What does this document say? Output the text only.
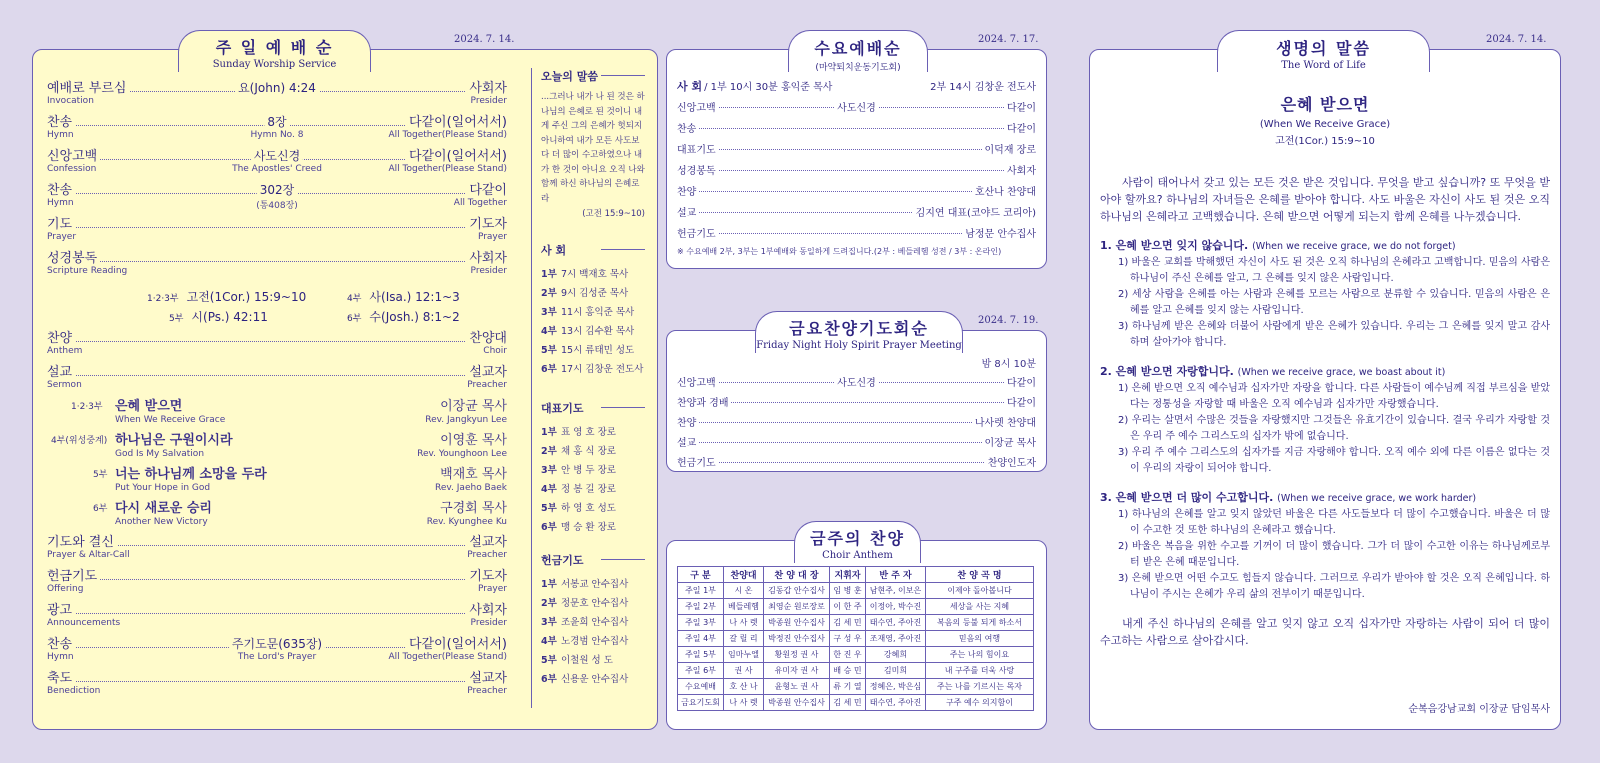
2024. 7. 14.
주 일 예 배 순
Sunday Worship Service
예배로 부르심	요(John) 4:24	사회자
Invocation	Presider
찬송	8장	다같이(일어서서)
Hymn	Hymn No. 8	All Together(Please Stand)
신앙고백	사도신경	다같이(일어서서)
Confession	The Apostles' Creed	All Together(Please Stand)
찬송	302장	다같이
Hymn	(통408장)	All Together
기도	기도자
Prayer	Prayer
성경봉독	사회자
Scripture Reading	Presider
1·2·3부 고전(1Cor.) 15:9~10	4부 사(Isa.) 12:1~3
5부 시(Ps.) 42:11	6부 수(Josh.) 8:1~2
찬양	찬양대
Anthem	Choir
설교	설교자
Sermon	Preacher
1·2·3부 은혜 받으면	이장균 목사
When We Receive Grace	Rev. Jangkyun Lee
4부(위성중계) 하나님은 구원이시라	이영훈 목사
God Is My Salvation	Rev. Younghoon Lee
5부 너는 하나님께 소망을 두라	백재호 목사
Put Your Hope in God	Rev. Jaeho Baek
6부 다시 새로운 승리	구경회 목사
Another New Victory	Rev. Kyunghee Ku
기도와 결신	설교자
Prayer & Altar-Call	Preacher
헌금기도	기도자
Offering	Prayer
광고	사회자
Announcements	Presider
찬송	주기도문(635장)	다같이(일어서서)
Hymn	The Lord's Prayer	All Together(Please Stand)
축도	설교자
Benediction	Preacher
오늘의 말씀
...그러나 내가 나 된 것은 하나님의 은혜로 된 것이니 내게 주신 그의 은혜가 헛되지 아니하여 내가 모든 사도보다 더 많이 수고하였으나 내가 한 것이 아니요 오직 나와 함께 하신 하나님의 은혜로라
(고전 15:9~10)
사 회
1부 7시 백재호 목사
2부 9시 김성준 목사
3부 11시 홍익준 목사
4부 13시 김수환 목사
5부 15시 류태민 성도
6부 17시 김창운 전도사
대표기도
1부 표 영 호 장로
2부 채 홍 식 장로
3부 안 병 두 장로
4부 정 봉 길 장로
5부 하 영 호 성도
6부 맹 승 환 장로
헌금기도
1부 서봉교 안수집사
2부 정문호 안수집사
3부 조윤희 안수집사
4부 노경범 안수집사
5부 이철원 성 도
6부 신용운 안수집사
2024. 7. 17.
수요예배순
(마약퇴치운동기도회)
사 회 / 1부 10시 30분 홍익준 목사	2부 14시 김창운 전도사
신앙고백	사도신경	다같이
찬송	다같이
대표기도	이덕재 장로
성경봉독	사회자
찬양	호산나 찬양대
설교	김지연 대표(코야드 코리아)
헌금기도	남정문 안수집사
※ 수요예배 2부, 3부는 1부예배와 동일하게 드려집니다.(2부 : 베들레헴 성전 / 3부 : 온라인)
2024. 7. 19.
금요찬양기도회순
Friday Night Holy Spirit Prayer Meeting
밤 8시 10분
신앙고백	사도신경	다같이
찬양과 경배	다같이
찬양	나사렛 찬양대
설교	이장균 목사
헌금기도	찬양인도자
금주의 찬양
Choir Anthem
구 분	찬양대	찬 양 대 장	지휘자	반 주 자	찬 양 곡 명
주일 1부	시 온	김동갑 안수집사	임 병 훈	남현주, 이보은	이제야 돌아봅니다
주일 2부	베들레헴	최영순 원로장로	이 한 주	이정아, 박수진	세상을 사는 지혜
주일 3부	나 사 렛	박종원 안수집사	김 세 민	태수연, 주아진	복음의 등불 되게 하소서
주일 4부	갈 릴 리	박정진 안수집사	구 성 우	조재영, 주아진	믿음의 여행
주일 5부	임마누엘	황원정 권 사	한 진 우	강혜희	주는 나의 힘이요
주일 6부	권 사	유미자 권 사	배 승 민	김미희	내 구주를 더욱 사랑
수요예배	호 산 나	윤형노 권 사	류 기 열	정혜은, 박은심	주는 나를 기르시는 목자
금요기도회	나 사 렛	박종원 안수집사	김 세 민	태수연, 주아진	구주 예수 의지함이
2024. 7. 14.
생명의 말씀
The Word of Life
은혜 받으면
(When We Receive Grace)
고전(1Cor.) 15:9~10

사람이 태어나서 갖고 있는 모든 것은 받은 것입니다. 무엇을 받고 싶습니까? 또 무엇을 받아야 할까요? 하나님의 자녀들은 은혜를 받아야 합니다. 사도 바울은 자신이 사도 된 것은 오직 하나님의 은혜라고 고백했습니다. 은혜 받으면 어떻게 되는지 함께 은혜를 나누겠습니다.

1. 은혜 받으면 잊지 않습니다. (When we receive grace, we do not forget)
1) 바울은 교회를 박해했던 자신이 사도 된 것은 오직 하나님의 은혜라고 고백합니다. 믿음의 사람은 하나님이 주신 은혜를 알고, 그 은혜를 잊지 않은 사람입니다.
2) 세상 사람을 은혜를 아는 사람과 은혜를 모르는 사람으로 분류할 수 있습니다. 믿음의 사람은 은혜를 알고 은혜를 잊지 않는 사람입니다.
3) 하나님께 받은 은혜와 더불어 사람에게 받은 은혜가 있습니다. 우리는 그 은혜를 잊지 말고 감사하며 살아가야 합니다.
2. 은혜 받으면 자랑합니다. (When we receive grace, we boast about it)
1) 은혜 받으면 오직 예수님과 십자가만 자랑을 합니다. 다른 사람들이 예수님께 직접 부르심을 받았다는 정통성을 자랑할 때 바울은 오직 예수님과 십자가만 자랑했습니다.
2) 우리는 살면서 수많은 것들을 자랑했지만 그것들은 유효기간이 있습니다. 결국 우리가 자랑할 것은 우리 주 예수 그리스도의 십자가 밖에 없습니다.
3) 우리 주 예수 그리스도의 십자가를 지금 자랑해야 합니다. 오직 예수 외에 다른 이름은 없다는 것이 우리의 자랑이 되어야 합니다.
3. 은혜 받으면 더 많이 수고합니다. (When we receive grace, we work harder)
1) 하나님의 은혜를 알고 잊지 않았던 바울은 다른 사도들보다 더 많이 수고했습니다. 바울은 더 많이 수고한 것 또한 하나님의 은혜라고 했습니다.
2) 바울은 복음을 위한 수고를 기꺼이 더 많이 했습니다. 그가 더 많이 수고한 이유는 하나님께로부터 받은 은혜 때문입니다.
3) 은혜 받으면 어떤 수고도 힘들지 않습니다. 그러므로 우리가 받아야 할 것은 오직 은혜입니다. 하나님이 주시는 은혜가 우리 삶의 전부이기 때문입니다.

내게 주신 하나님의 은혜를 알고 잊지 않고 오직 십자가만 자랑하는 사람이 되어 더 많이 수고하는 사람으로 살아갑시다.

순복음강남교회 이장균 담임목사
